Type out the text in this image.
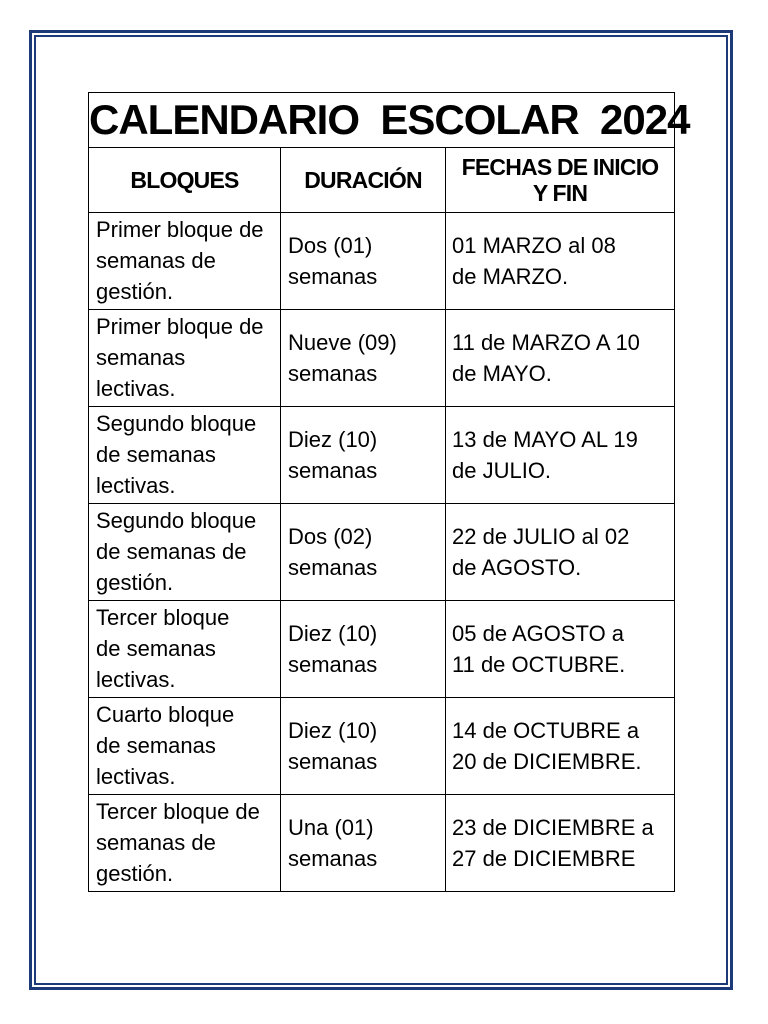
CALENDARIO  ESCOLAR  2024		

BLOQUES	DURACIÓN	FECHAS DE INICIO
Y FIN

Primer bloque de
semanas de
gestión.	Dos (01)
semanas	01 MARZO al 08
de MARZO.

Primer bloque de
semanas
lectivas.	Nueve (09)
semanas	11 de MARZO A 10
de MAYO.

Segundo bloque
de semanas
lectivas.	Diez (10)
semanas	13 de MAYO AL 19
de JULIO.

Segundo bloque
de semanas de
gestión.	Dos (02)
semanas	22 de JULIO al 02
de AGOSTO.

Tercer bloque
de semanas
lectivas.	Diez (10)
semanas	05 de AGOSTO a
11 de OCTUBRE.

Cuarto bloque
de semanas
lectivas.	Diez (10)
semanas	14 de OCTUBRE a
20 de DICIEMBRE.

Tercer bloque de
semanas de
gestión.	Una (01)
semanas	23 de DICIEMBRE a
27 de DICIEMBRE
